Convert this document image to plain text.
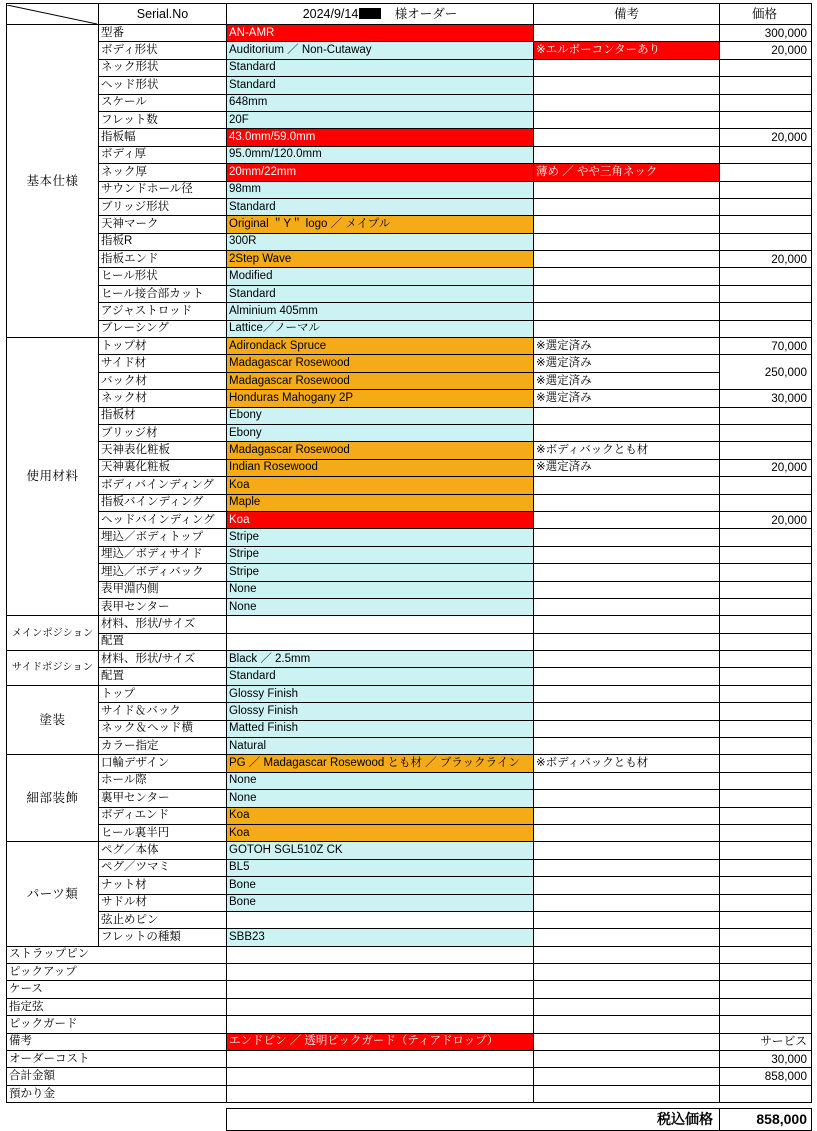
	Serial.No	2024/9/14　様オーダー	備考	価格
基本仕様	型番	AN-AMR		300,000
	ボディ形状	Auditorium ／ Non-Cutaway	※エルボーコンターあり	20,000
	ネック形状	Standard		
	ヘッド形状	Standard		
	スケール	648mm		
	フレット数	20F		
	指板幅	43.0mm/59.0mm		20,000
	ボディ厚	95.0mm/120.0mm		
	ネック厚	20mm/22mm	薄め ／ やや三角ネック	
	サウンドホール径	98mm		
	ブリッジ形状	Standard		
	天神マーク	Original ＂Y＂ logo ／ メイプル		
	指板R	300R		
	指板エンド	2Step Wave		20,000
	ヒール形状	Modified		
	ヒール接合部カット	Standard		
	アジャストロッド	Alminium 405mm		
	ブレーシング	Lattice／ノーマル		
使用材料	トップ材	Adirondack Spruce	※選定済み	70,000
	サイド材	Madagascar Rosewood	※選定済み	250,000
	バック材	Madagascar Rosewood	※選定済み	
	ネック材	Honduras Mahogany 2P	※選定済み	30,000
	指板材	Ebony		
	ブリッジ材	Ebony		
	天神表化粧板	Madagascar Rosewood	※ボディバックとも材	
	天神裏化粧板	Indian Rosewood	※選定済み	20,000
	ボディバインディング	Koa		
	指板バインディング	Maple		
	ヘッドバインディング	Koa		20,000
	埋込／ボディトップ	Stripe		
	埋込／ボディサイド	Stripe		
	埋込／ボディバック	Stripe		
	表甲淵内側	None		
	表甲センター	None		
メインポジション	材料、形状/サイズ			
	配置			
サイドポジション	材料、形状/サイズ	Black ／ 2.5mm		
	配置	Standard		
塗装	トップ	Glossy Finish		
	サイド＆バック	Glossy Finish		
	ネック＆ヘッド横	Matted Finish		
	カラー指定	Natural		
細部装飾	口輪デザイン	PG ／ Madagascar Rosewood とも材 ／ ブラックライン	※ボディバックとも材	
	ホール際	None		
	裏甲センター	None		
	ボディエンド	Koa		
	ヒール裏半円	Koa		
パーツ類	ペグ／本体	GOTOH SGL510Z CK		
	ペグ／ツマミ	BL5		
	ナット材	Bone		
	サドル材	Bone		
	弦止めピン			
	フレットの種類	SBB23		
ストラップピン				
ピックアップ				
ケース				
指定弦				
ピックガード				
備考		エンドピン ／ 透明ピックガード（ティアドロップ）		サービス
オーダーコスト				30,000
合計金額				858,000
預かり金				

		税込価格		858,000
